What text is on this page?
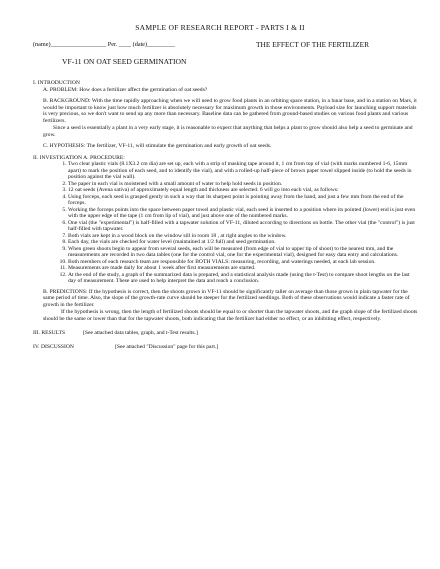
SAMPLE OF RESEARCH REPORT - PARTS I & II
(name)__________________ Per. ____ (date)_________	THE EFFECT OF THE FERTILIZER
VF-11 ON OAT SEED GERMINATION
I. INTRODUCTION
A. PROBLEM: How does a fertilizer affect the germination of oat seeds?
B. BACKGROUND: With the time rapidly approaching when we will need to grow food plants in an orbiting space station, in a lunar base, and in a station on Mars, it would be important to know just how much fertilizer is absolutely necessary for maximum growth in those environments. Payload size for launching support materials is very precious, so we don't want to send up any more than necessary. Baseline data can be gathered from ground-based studies on various food plants and various fertilizers.
Since a seed is essentially a plant in a very early stage, it is reasonable to expect that anything that helps a plant to grow should also help a seed to germinate and grow.
C. HYPOTHESIS: The fertilizer, VF-11, will stimulate the germination and early growth of oat seeds.
II. INVESTIGATION A. PROCEDURE:
1. Two clear plastic vials (8.1X3.2 cm dia) are set up, each with a strip of masking tape around it, 1 cm from top of vial (with marks numbered 1-6, 15mm apart) to mark the position of each seed, and to identify the vial), and with a rolled-up half-piece of brown paper towel slipped inside (to hold the seeds in position against the vial wall).
2. The paper in each vial is moistened with a small amount of water to help hold seeds in position.
3. 12 oat seeds (Avena sativa) of approximately equal length and thickness are selected. 6 will go into each vial, as follows:
4. Using forceps, each seed is grasped gently in such a way that its sharpest point is pointing away from the hand, and just a few mm from the end of the forceps.
5. Working the forceps points into the space between paper towel and plastic vial, each seed is inserted to a position where its pointed (lower) end is just even with the upper edge of the tape (1 cm from lip of vial), and just above one of the numbered marks.
6. One vial (the "experimental") is half-filled with a tapwater solution of VF-11, diluted according to directions on bottle. The other vial (the "control") is just half-filled with tapwater.
7. Both vials are kept in a wood block on the window sill in room 18 , at right angles to the window.
8. Each day, the vials are checked for water level (maintained at 1/2 full) and seed germination.
9. When green shoots begin to appear from several seeds, each will be measured (from edge of vial to upper tip of shoot) to the nearest mm, and the measurements are recorded in two data tables (one for the control vial, one for the experimental vial), designed for easy data entry and calculations.
10. Both members of each research team are responsible for BOTH VIALS: measuring, recording, and waterings needed, at each lab session.
11. Measurements are made daily for about 1 week after first measurements are started.
12. At the end of the study, a graph of the summarized data is prepared, and a statistical analysis made (using the t-Test) to compare shoot lengths on the last day of measurement. These are used to help interpret the data and reach a conclusion.
B. PREDICTIONS: If the hypothesis is correct, then the shoots grown in VF-11 should be significantly taller on average than those grown in plain tapwater for the same period of time. Also, the slope of the growth-rate curve should be steeper for the fertilized seedlings. Both of these observations would indicate a faster rate of growth in the fertilizer.
If the hypothesis is wrong, then the length of fertilized shoots should be equal to or shorter than the tapwater shoots, and the graph slope of the fertilized shoots should be the same or lower than that for the tapwater shoots, both indicating that the fertilizer had either no effect, or an inhibiting effect, respectively.
III. RESULTS	[See attached data tables, graph, and t-Test results.]
IV. DISCUSSION	[See attached "Discussion" page for this part.]
